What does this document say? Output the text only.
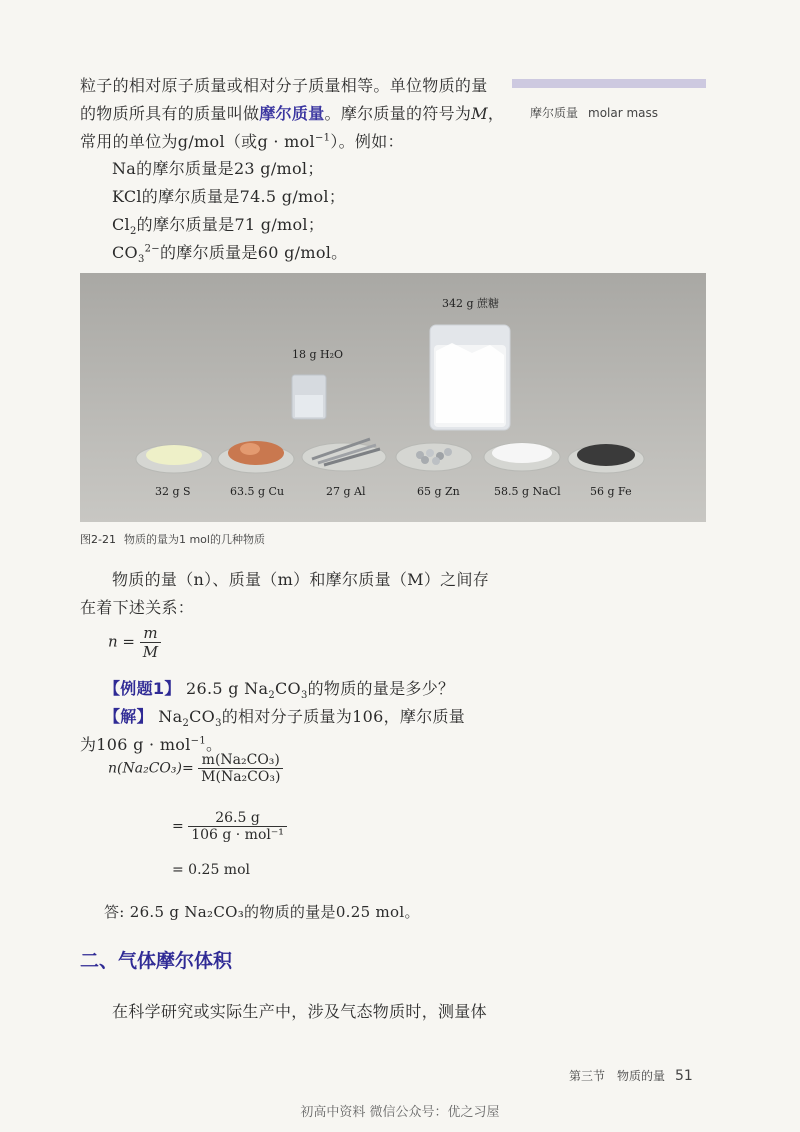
粒子的相对原子质量或相对分子质量相等。单位物质的量
的物质所具有的质量叫做摩尔质量。摩尔质量的符号为M，
常用的单位为g/mol（或g · mol$^{-1}$）。例如：
摩尔质量 molar mass
Na的摩尔质量是23 g/mol；
KCl的摩尔质量是74.5 g/mol；
$Cl_2$的摩尔质量是71 g/mol；
$CO_3^{2-}$的摩尔质量是60 g/mol。
342 g 蔗糖
18 g H₂O
32 g S	63.5 g Cu	27 g Al	65 g Zn	58.5 g NaCl	56 g Fe
图2-21 物质的量为1 mol的几种物质
物质的量（n）、质量（m）和摩尔质量（M）之间存
在着下述关系：
$n = \frac{m}{M}$
【例题1】 26.5 g $Na_2CO_3$的物质的量是多少？
【解】 $Na_2CO_3$的相对分子质量为106，摩尔质量
为106 g · mol$^{-1}$。
$n(Na_2CO_3)= \frac{\text{m(Na₂CO₃)}}{\text{M(Na₂CO₃)}}$
= $\frac{26.5 g}{\text{106 g · mol⁻¹}}$
= 0.25 mol
答: 26.5 g Na₂CO₃的物质的量是0.25 mol。
二、气体摩尔体积
在科学研究或实际生产中，涉及气态物质时，测量体
第三节　物质的量 51
初高中资料 微信公众号：优之习屋
